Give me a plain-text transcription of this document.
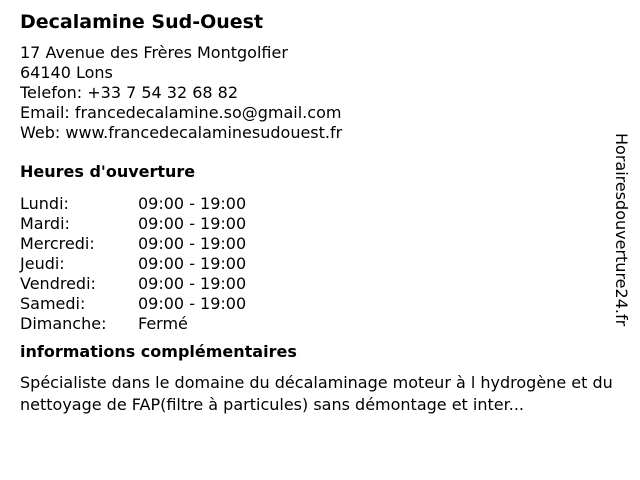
Decalamine Sud-Ouest
17 Avenue des Frères Montgolfier
64140 Lons
Telefon: +33 7 54 32 68 82
Email: francedecalamine.so@gmail.com
Web: www.francedecalaminesudouest.fr
Heures d'ouverture
Lundi:	09:00 - 19:00
Mardi:	09:00 - 19:00
Mercredi:	09:00 - 19:00
Jeudi:	09:00 - 19:00
Vendredi:	09:00 - 19:00
Samedi:	09:00 - 19:00
Dimanche:	Fermé
informations complémentaires
Spécialiste dans le domaine du décalaminage moteur à l hydrogène et du nettoyage de FAP(filtre à particules) sans démontage et inter...
Horairesdouverture24.fr
